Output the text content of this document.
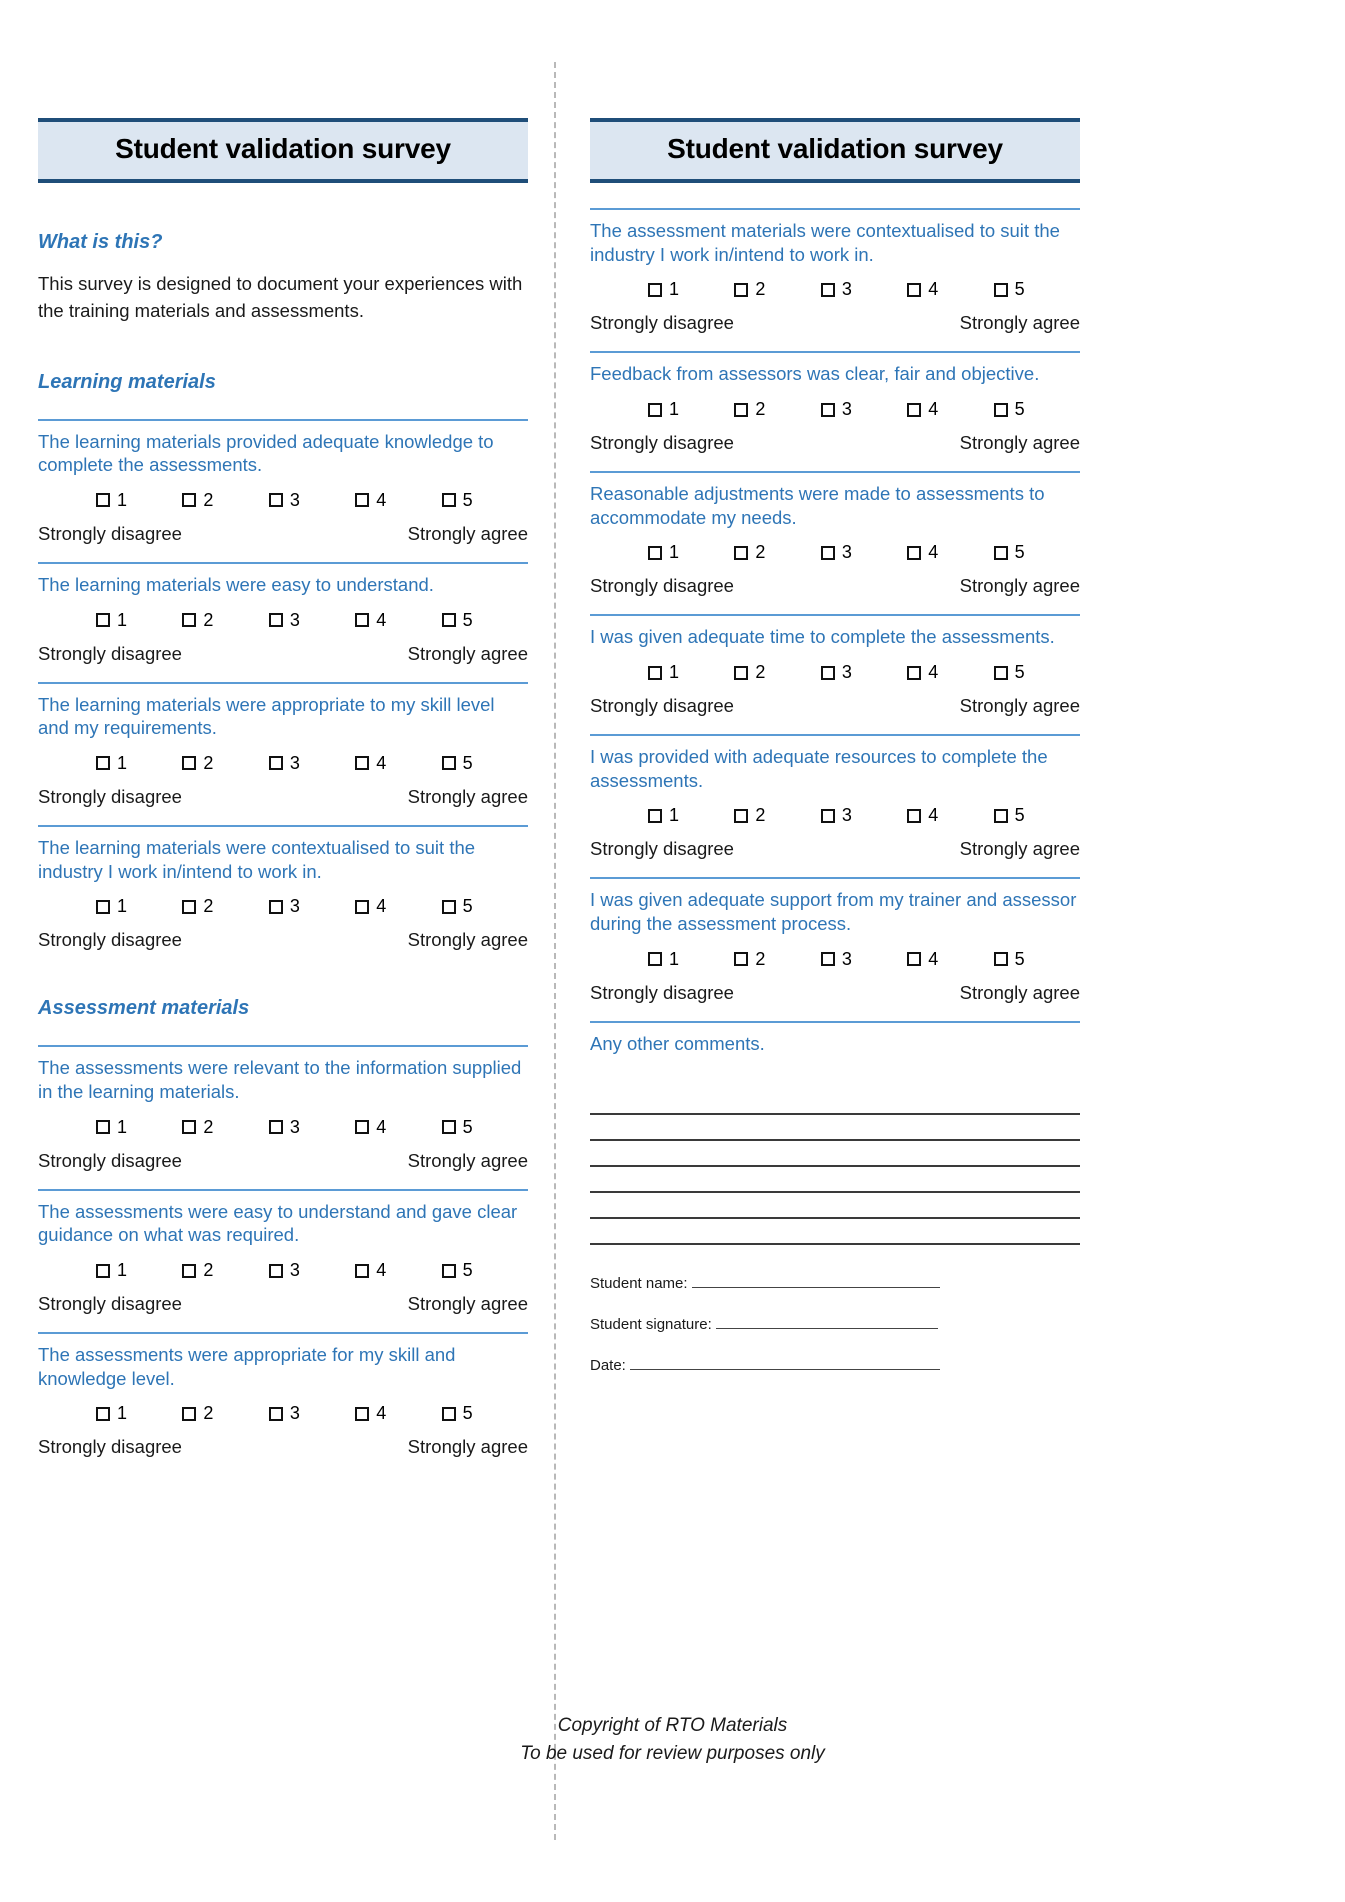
Student validation survey
What is this?
This survey is designed to document your experiences with the training materials and assessments.
Learning materials
The learning materials provided adequate knowledge to complete the assessments.
1	2	3	4	5
Strongly disagree	Strongly agree
The learning materials were easy to understand.
1	2	3	4	5
Strongly disagree	Strongly agree
The learning materials were appropriate to my skill level and my requirements.
1	2	3	4	5
Strongly disagree	Strongly agree
The learning materials were contextualised to suit the industry I work in/intend to work in.
1	2	3	4	5
Strongly disagree	Strongly agree
Assessment materials
The assessments were relevant to the information supplied in the learning materials.
1	2	3	4	5
Strongly disagree	Strongly agree
The assessments were easy to understand and gave clear guidance on what was required.
1	2	3	4	5
Strongly disagree	Strongly agree
The assessments were appropriate for my skill and knowledge level.
1	2	3	4	5
Strongly disagree	Strongly agree
Student validation survey
The assessment materials were contextualised to suit the industry I work in/intend to work in.
1	2	3	4	5
Strongly disagree	Strongly agree
Feedback from assessors was clear, fair and objective.
1	2	3	4	5
Strongly disagree	Strongly agree
Reasonable adjustments were made to assessments to accommodate my needs.
1	2	3	4	5
Strongly disagree	Strongly agree
I was given adequate time to complete the assessments.
1	2	3	4	5
Strongly disagree	Strongly agree
I was provided with adequate resources to complete the assessments.
1	2	3	4	5
Strongly disagree	Strongly agree
I was given adequate support from my trainer and assessor during the assessment process.
1	2	3	4	5
Strongly disagree	Strongly agree
Any other comments.
Student name:
Student signature:
Date:
Copyright of RTO Materials
To be used for review purposes only
